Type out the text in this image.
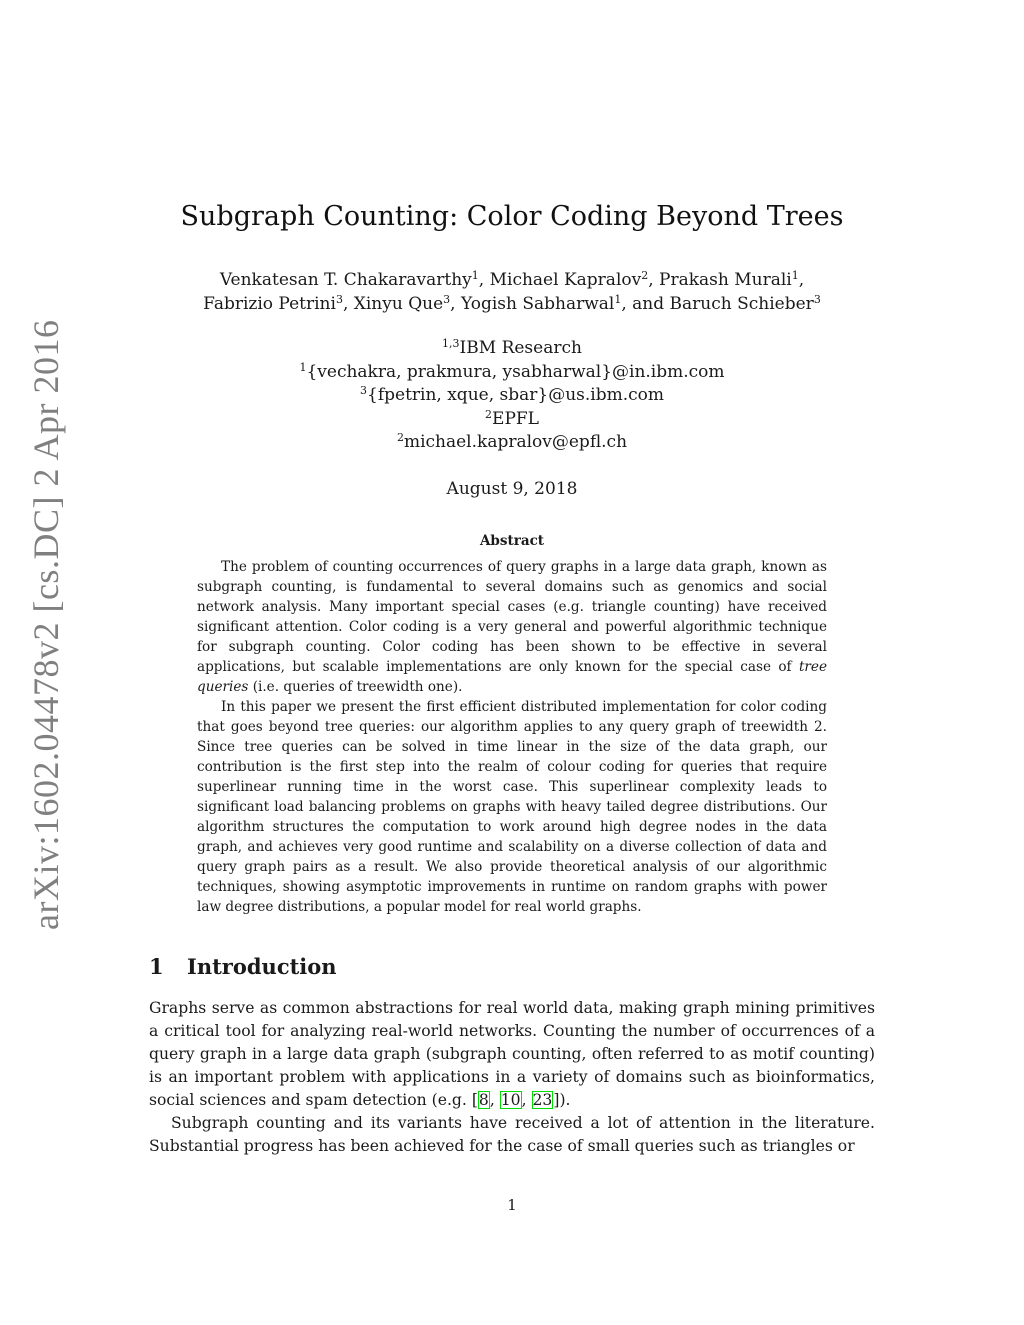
arXiv:1602.04478v2 [cs.DC] 2 Apr 2016
Subgraph Counting: Color Coding Beyond Trees
Venkatesan T. Chakaravarthy$^1$, Michael Kapralov$^2$, Prakash Murali$^1$,
Fabrizio Petrini$^3$, Xinyu Que$^3$, Yogish Sabharwal$^1$, and Baruch Schieber$^3$
$^{1,3}$IBM Research
$^1${vechakra, prakmura, ysabharwal}@in.ibm.com
$^3${fpetrin, xque, sbar}@us.ibm.com
$^2$EPFL
$^2$michael.kapralov@epfl.ch
August 9, 2018
Abstract

The problem of counting occurrences of query graphs in a large data graph, known as subgraph counting, is fundamental to several domains such as genomics and social network analysis. Many important special cases (e.g. triangle counting) have received significant attention. Color coding is a very general and powerful algorithmic technique for subgraph counting. Color coding has been shown to be effective in several applications, but scalable implementations are only known for the special case of tree queries (i.e. queries of treewidth one).

In this paper we present the first efficient distributed implementation for color coding that goes beyond tree queries: our algorithm applies to any query graph of treewidth 2. Since tree queries can be solved in time linear in the size of the data graph, our contribution is the first step into the realm of colour coding for queries that require superlinear running time in the worst case. This superlinear complexity leads to significant load balancing problems on graphs with heavy tailed degree distributions. Our algorithm structures the computation to work around high degree nodes in the data graph, and achieves very good runtime and scalability on a diverse collection of data and query graph pairs as a result. We also provide theoretical analysis of our algorithmic techniques, showing asymptotic improvements in runtime on random graphs with power law degree distributions, a popular model for real world graphs.

1 Introduction

Graphs serve as common abstractions for real world data, making graph mining primitives a critical tool for analyzing real-world networks. Counting the number of occurrences of a query graph in a large data graph (subgraph counting, often referred to as motif counting) is an important problem with applications in a variety of domains such as bioinformatics, social sciences and spam detection (e.g. [8, 10, 23]).

Subgraph counting and its variants have received a lot of attention in the literature. Substantial progress has been achieved for the case of small queries such as triangles or

1
